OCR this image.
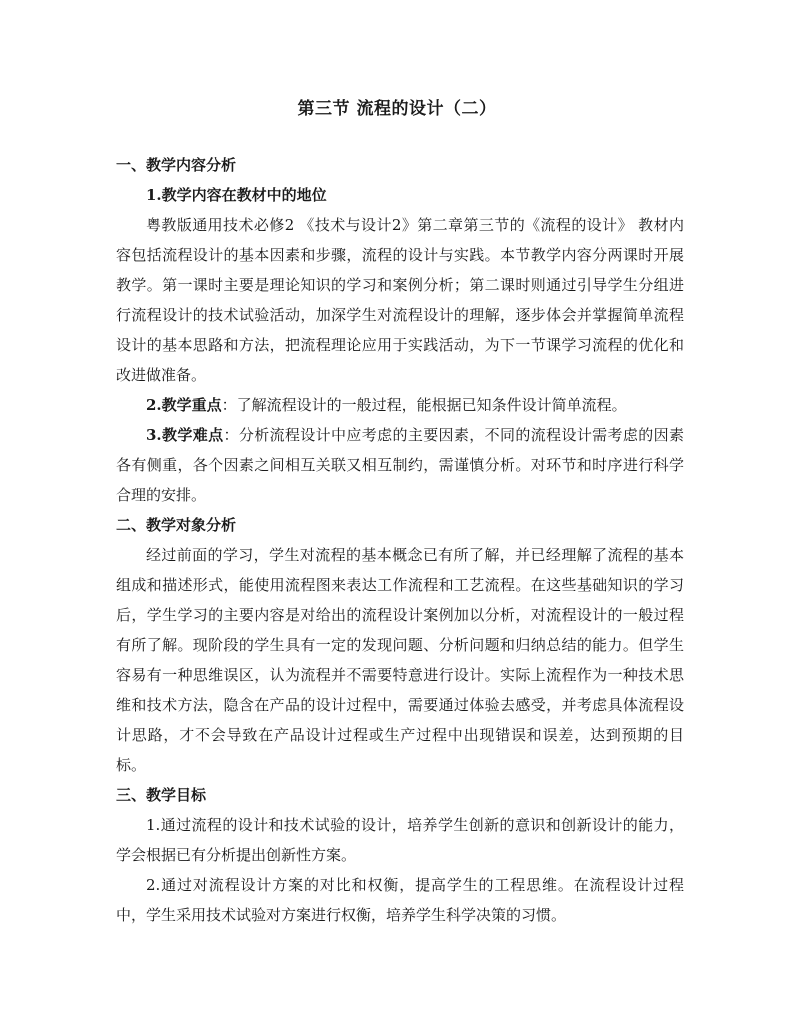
第三节 流程的设计（二）
一、教学内容分析
1.教学内容在教材中的地位

粤教版通用技术必修2 《技术与设计2》第二章第三节的《流程的设计》 教材内容包括流程设计的基本因素和步骤，流程的设计与实践。本节教学内容分两课时开展教学。第一课时主要是理论知识的学习和案例分析；第二课时则通过引导学生分组进行流程设计的技术试验活动，加深学生对流程设计的理解，逐步体会并掌握简单流程设计的基本思路和方法，把流程理论应用于实践活动，为下一节课学习流程的优化和改进做准备。

2.教学重点：了解流程设计的一般过程，能根据已知条件设计简单流程。

3.教学难点：分析流程设计中应考虑的主要因素，不同的流程设计需考虑的因素各有侧重，各个因素之间相互关联又相互制约，需谨慎分析。对环节和时序进行科学合理的安排。

二、教学对象分析

经过前面的学习，学生对流程的基本概念已有所了解，并已经理解了流程的基本组成和描述形式，能使用流程图来表达工作流程和工艺流程。在这些基础知识的学习后，学生学习的主要内容是对给出的流程设计案例加以分析，对流程设计的一般过程有所了解。现阶段的学生具有一定的发现问题、分析问题和归纳总结的能力。但学生容易有一种思维误区，认为流程并不需要特意进行设计。实际上流程作为一种技术思维和技术方法，隐含在产品的设计过程中，需要通过体验去感受，并考虑具体流程设计思路，才不会导致在产品设计过程或生产过程中出现错误和误差，达到预期的目标。

三、教学目标

1.通过流程的设计和技术试验的设计，培养学生创新的意识和创新设计的能力，学会根据已有分析提出创新性方案。

2.通过对流程设计方案的对比和权衡，提高学生的工程思维。在流程设计过程中，学生采用技术试验对方案进行权衡，培养学生科学决策的习惯。
